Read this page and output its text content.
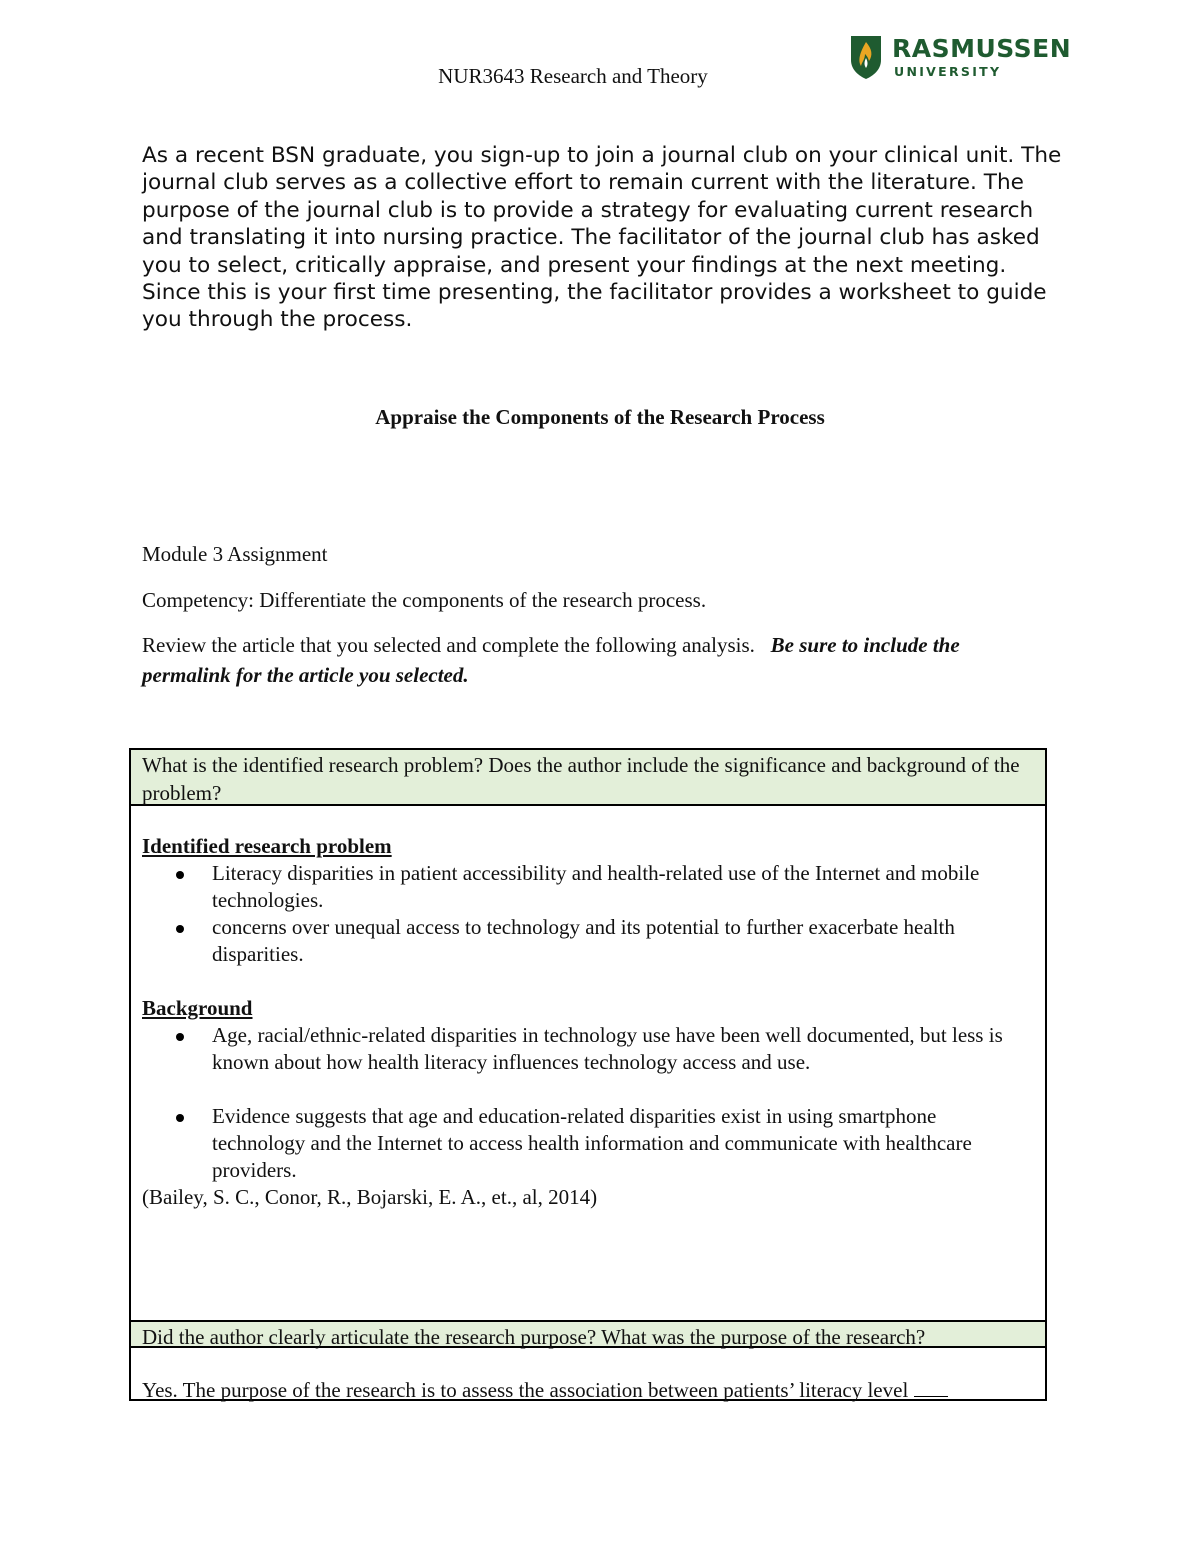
NUR3643 Research and Theory
RASMUSSEN
UNIVERSITY

As a recent BSN graduate, you sign-up to join a journal club on your clinical unit. The journal club serves as a collective effort to remain current with the literature. The purpose of the journal club is to provide a strategy for evaluating current research and translating it into nursing practice. The facilitator of the journal club has asked you to select, critically appraise, and present your findings at the next meeting. Since this is your first time presenting, the facilitator provides a worksheet to guide you through the process.

Appraise the Components of the Research Process

Module 3 Assignment

Competency: Differentiate the components of the research process.

Review the article that you selected and complete the following analysis. Be sure to include the permalink for the article you selected.

What is the identified research problem? Does the author include the significance and background of the problem?

Identified research problem

Literacy disparities in patient accessibility and health-related use of the Internet and mobile technologies.
concerns over unequal access to technology and its potential to further exacerbate health disparities.

Background

Age, racial/ethnic-related disparities in technology use have been well documented, but less is known about how health literacy influences technology access and use.
Evidence suggests that age and education-related disparities exist in using smartphone technology and the Internet to access health information and communicate with healthcare providers.

(Bailey, S. C., Conor, R., Bojarski, E. A., et., al, 2014)

Did the author clearly articulate the research purpose? What was the purpose of the research?
Yes. The purpose of the research is to assess the association between patients’ literacy level
